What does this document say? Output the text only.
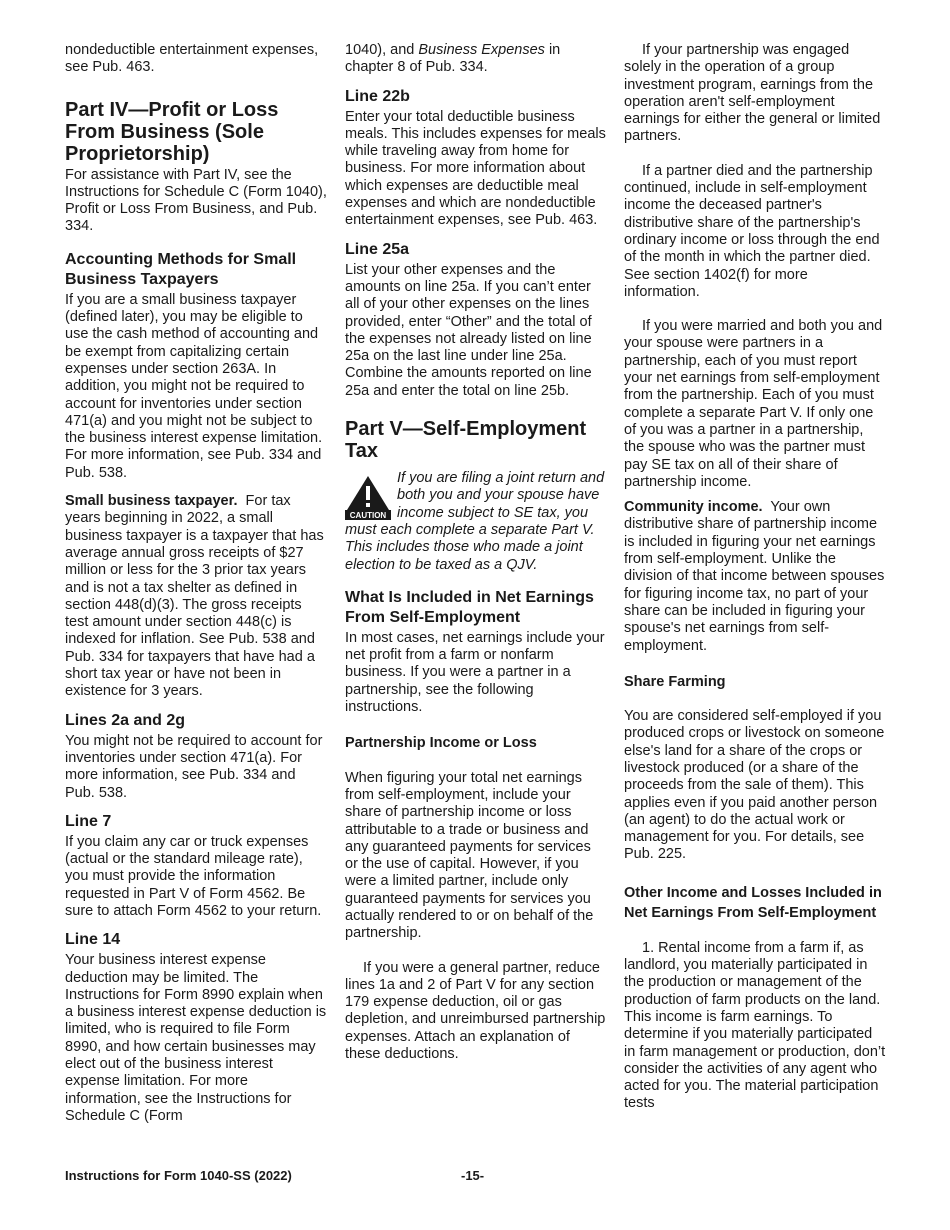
nondeductible entertainment expenses, see Pub. 463.

Part IV—Profit or Loss From Business (Sole Proprietorship)

For assistance with Part IV, see the Instructions for Schedule C (Form 1040), Profit or Loss From Business, and Pub. 334.

Accounting Methods for Small Business Taxpayers

If you are a small business taxpayer (defined later), you may be eligible to use the cash method of accounting and be exempt from capitalizing certain expenses under section 263A. In addition, you might not be required to account for inventories under section 471(a) and you might not be subject to the business interest expense limitation. For more information, see Pub. 334 and Pub. 538.

Small business taxpayer. For tax years beginning in 2022, a small business taxpayer is a taxpayer that has average annual gross receipts of $27 million or less for the 3 prior tax years and is not a tax shelter as defined in section 448(d)(3). The gross receipts test amount under section 448(c) is indexed for inflation. See Pub. 538 and Pub. 334 for taxpayers that have had a short tax year or have not been in existence for 3 years.

Lines 2a and 2g

You might not be required to account for inventories under section 471(a). For more information, see Pub. 334 and Pub. 538.

Line 7

If you claim any car or truck expenses (actual or the standard mileage rate), you must provide the information requested in Part V of Form 4562. Be sure to attach Form 4562 to your return.

Line 14

Your business interest expense deduction may be limited. The Instructions for Form 8990 explain when a business interest expense deduction is limited, who is required to file Form 8990, and how certain businesses may elect out of the business interest expense limitation. For more information, see the Instructions for Schedule C (Form

1040), and Business Expenses in chapter 8 of Pub. 334.

Line 22b

Enter your total deductible business meals. This includes expenses for meals while traveling away from home for business. For more information about which expenses are deductible meal expenses and which are nondeductible entertainment expenses, see Pub. 463.

Line 25a

List your other expenses and the amounts on line 25a. If you can’t enter all of your other expenses on the lines provided, enter “Other” and the total of the expenses not already listed on line 25a on the last line under line 25a. Combine the amounts reported on line 25a and enter the total on line 25b.

Part V—Self-Employment Tax
CAUTION

If you are filing a joint return and both you and your spouse have income subject to SE tax, you must each complete a separate Part V. This includes those who made a joint election to be taxed as a QJV.

What Is Included in Net Earnings From Self-Employment

In most cases, net earnings include your net profit from a farm or nonfarm business. If you were a partner in a partnership, see the following instructions.

Partnership Income or Loss

When figuring your total net earnings from self-employment, include your share of partnership income or loss attributable to a trade or business and any guaranteed payments for services or the use of capital. However, if you were a limited partner, include only guaranteed payments for services you actually rendered to or on behalf of the partnership.

If you were a general partner, reduce lines 1a and 2 of Part V for any section 179 expense deduction, oil or gas depletion, and unreimbursed partnership expenses. Attach an explanation of these deductions.

If your partnership was engaged solely in the operation of a group investment program, earnings from the operation aren't self-employment earnings for either the general or limited partners.

If a partner died and the partnership continued, include in self-employment income the deceased partner's distributive share of the partnership's ordinary income or loss through the end of the month in which the partner died. See section 1402(f) for more information.

If you were married and both you and your spouse were partners in a partnership, each of you must report your net earnings from self-employment from the partnership. Each of you must complete a separate Part V. If only one of you was a partner in a partnership, the spouse who was the partner must pay SE tax on all of their share of partnership income.

Community income. Your own distributive share of partnership income is included in figuring your net earnings from self-employment. Unlike the division of that income between spouses for figuring income tax, no part of your share can be included in figuring your spouse's net earnings from self-employment.

Share Farming

You are considered self-employed if you produced crops or livestock on someone else's land for a share of the crops or livestock produced (or a share of the proceeds from the sale of them). This applies even if you paid another person (an agent) to do the actual work or management for you. For details, see Pub. 225.

Other Income and Losses Included in Net Earnings From Self-Employment

1. Rental income from a farm if, as landlord, you materially participated in the production or management of the production of farm products on the land. This income is farm earnings. To determine if you materially participated in farm management or production, don’t consider the activities of any agent who acted for you. The material participation tests

Instructions for Form 1040-SS (2022)	-15-
